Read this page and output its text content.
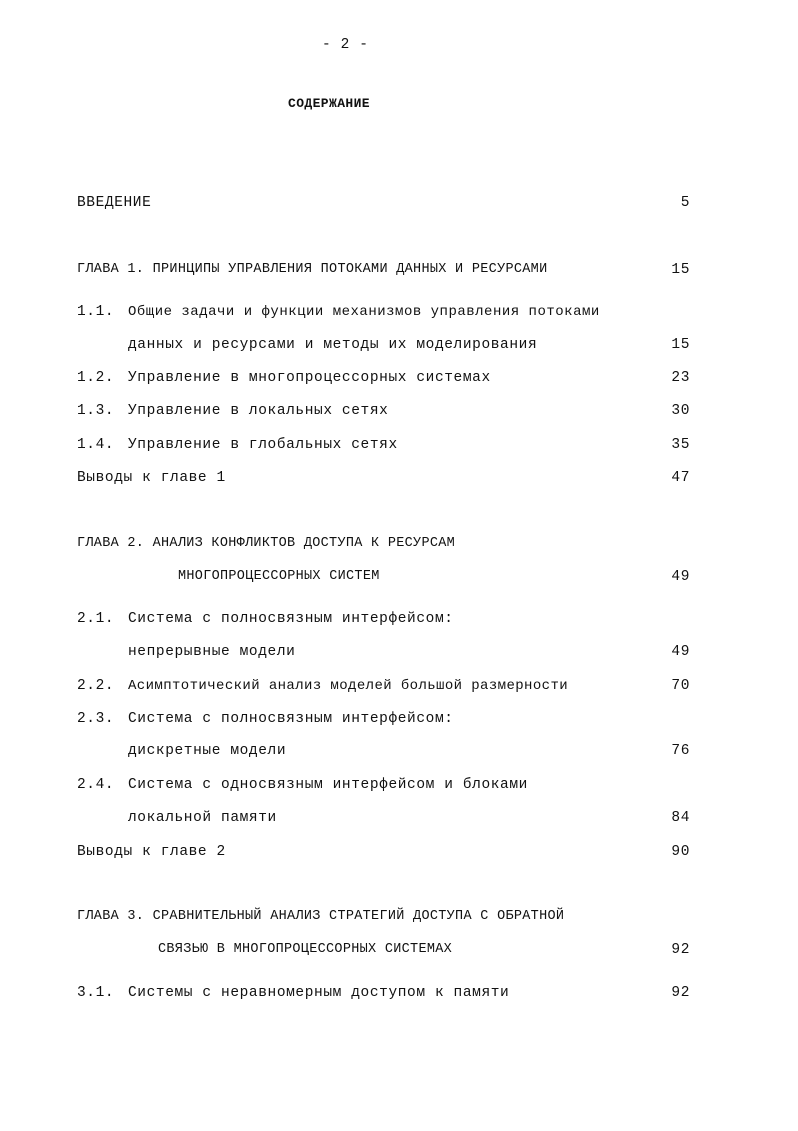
- 2 -
СОДЕРЖАНИЕ
ВВЕДЕНИЕ	5
ГЛАВА 1. ПРИНЦИПЫ УПРАВЛЕНИЯ ПОТОКАМИ ДАННЫХ И РЕСУРСАМИ	15
1.1. Общие задачи и функции механизмов управления потоками
данных и ресурсами и методы их моделирования	15
1.2. Управление в многопроцессорных системах	23
1.3. Управление в локальных сетях	30
1.4. Управление в глобальных сетях	35
Выводы к главе 1	47
ГЛАВА 2. АНАЛИЗ КОНФЛИКТОВ ДОСТУПА К РЕСУРСАМ
МНОГОПРОЦЕССОРНЫХ СИСТЕМ	49
2.1. Система с полносвязным интерфейсом:
непрерывные модели	49
2.2. Асимптотический анализ моделей большой размерности	70
2.3. Система с полносвязным интерфейсом:
дискретные модели	76
2.4. Система с односвязным интерфейсом и блоками
локальной памяти	84
Выводы к главе 2	90
ГЛАВА 3. СРАВНИТЕЛЬНЫЙ АНАЛИЗ СТРАТЕГИЙ ДОСТУПА С ОБРАТНОЙ
СВЯЗЬЮ В МНОГОПРОЦЕССОРНЫХ СИСТЕМАХ	92
3.1. Системы с неравномерным доступом к памяти	92
